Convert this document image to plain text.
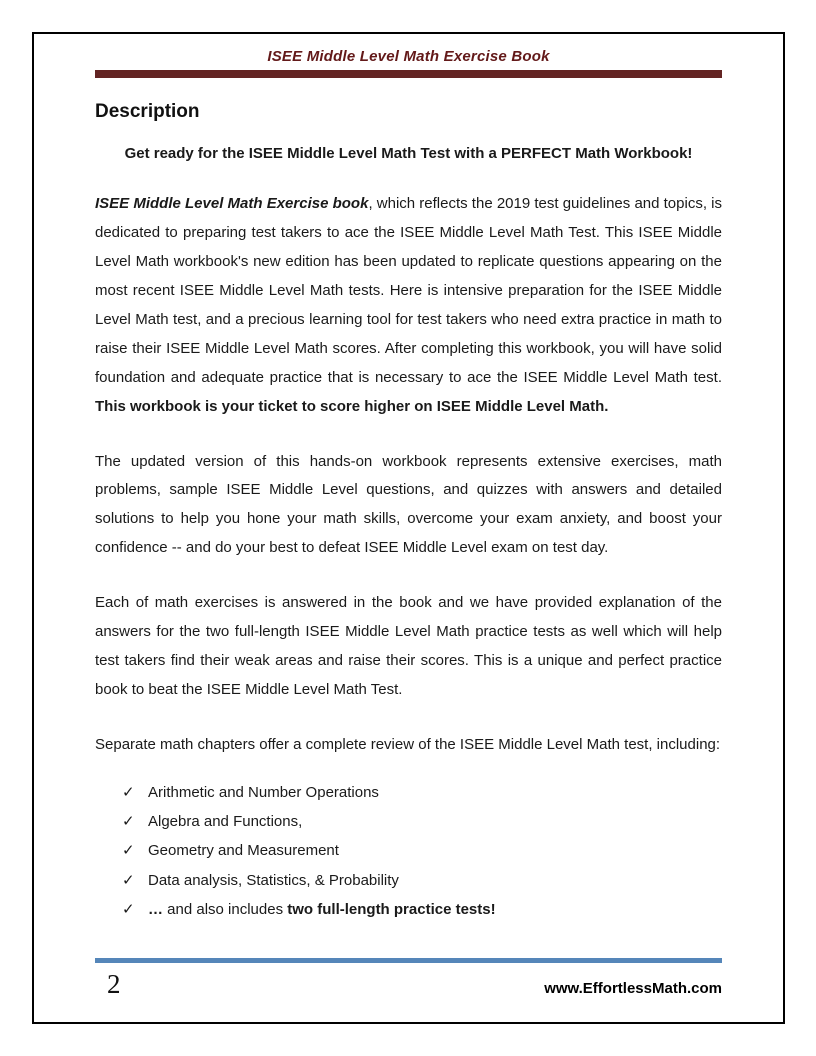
ISEE Middle Level Math Exercise Book
Description

Get ready for the ISEE Middle Level Math Test with a PERFECT Math Workbook!

ISEE Middle Level Math Exercise book, which reflects the 2019 test guidelines and topics, is dedicated to preparing test takers to ace the ISEE Middle Level Math Test. This ISEE Middle Level Math workbook's new edition has been updated to replicate questions appearing on the most recent ISEE Middle Level Math tests. Here is intensive preparation for the ISEE Middle Level Math test, and a precious learning tool for test takers who need extra practice in math to raise their ISEE Middle Level Math scores. After completing this workbook, you will have solid foundation and adequate practice that is necessary to ace the ISEE Middle Level Math test. This workbook is your ticket to score higher on ISEE Middle Level Math.

The updated version of this hands-on workbook represents extensive exercises, math problems, sample ISEE Middle Level questions, and quizzes with answers and detailed solutions to help you hone your math skills, overcome your exam anxiety, and boost your confidence -- and do your best to defeat ISEE Middle Level exam on test day.

Each of math exercises is answered in the book and we have provided explanation of the answers for the two full-length ISEE Middle Level Math practice tests as well which will help test takers find their weak areas and raise their scores. This is a unique and perfect practice book to beat the ISEE Middle Level Math Test.

Separate math chapters offer a complete review of the ISEE Middle Level Math test, including:

✓ Arithmetic and Number Operations
✓ Algebra and Functions,
✓ Geometry and Measurement
✓ Data analysis, Statistics, & Probability
✓ … and also includes two full-length practice tests!
2	www.EffortlessMath.com
